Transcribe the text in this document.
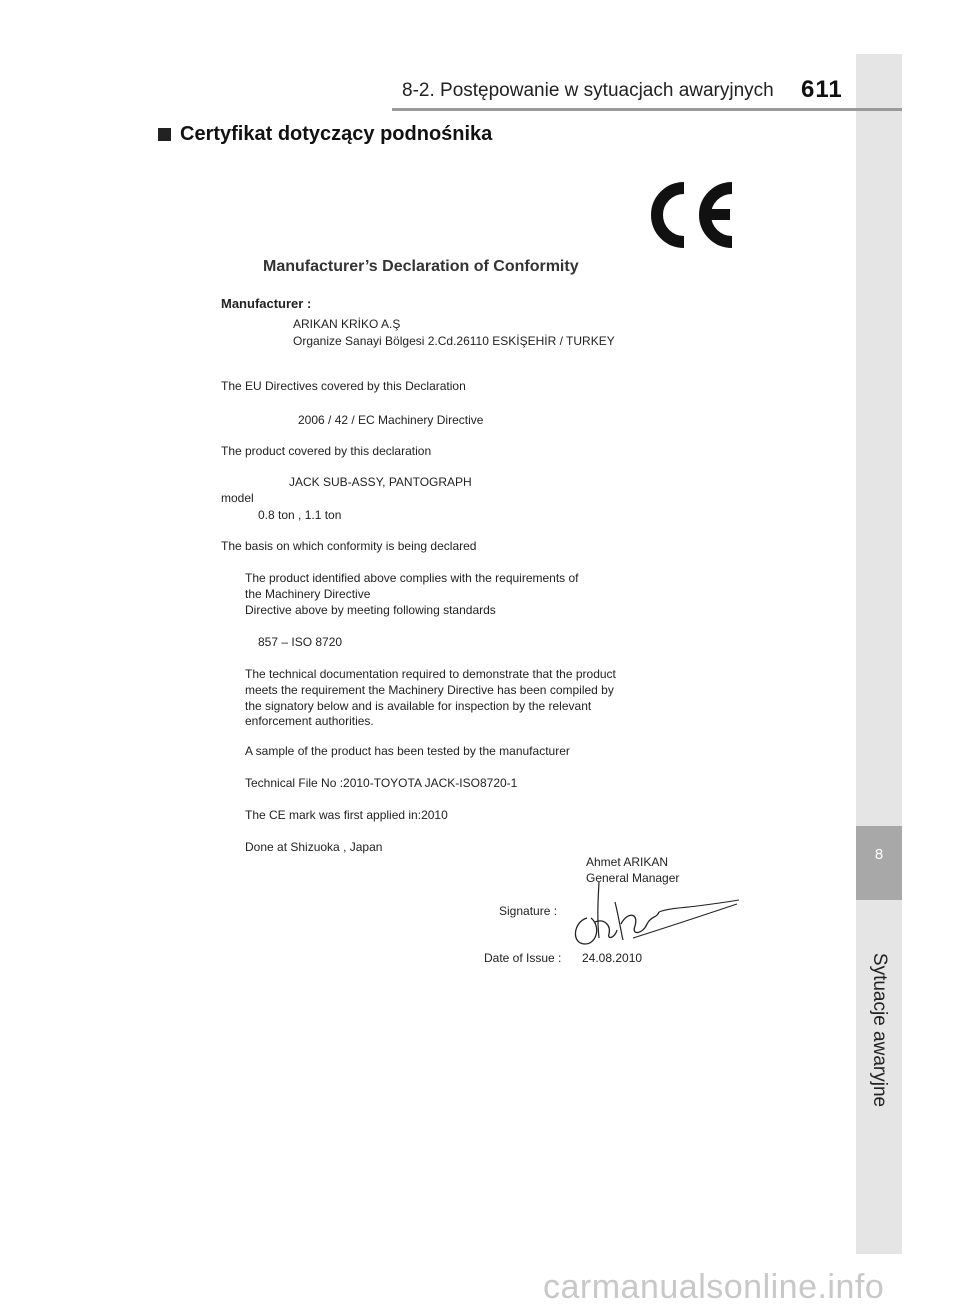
8
Sytuacje awaryjne
8-2. Postępowanie w sytuacjach awaryjnych 611
Certyfikat dotyczący podnośnika
Manufacturer’s Declaration of Conformity
Manufacturer :
ARIKAN KRİKO A.Ş
Organize Sanayi Bölgesi 2.Cd.26110 ESKİŞEHİR / TURKEY
The EU Directives covered by this Declaration
2006 / 42 / EC Machinery Directive
The product covered by this declaration
JACK SUB-ASSY, PANTOGRAPH
model
0.8 ton , 1.1 ton
The basis on which conformity is being declared
The product identified above complies with the requirements of
the Machinery Directive
Directive above by meeting following standards
857 – ISO 8720
The technical documentation required to demonstrate that the product
meets the requirement the Machinery Directive has been compiled by
the signatory below and is available for inspection by the relevant
enforcement authorities.
A sample of the product has been tested by the manufacturer
Technical File No :2010-TOYOTA JACK-ISO8720-1
The CE mark was first applied in:2010
Done at Shizuoka , Japan
Ahmet ARIKAN
General Manager
Signature :
Date of Issue : 24.08.2010
carmanualsonline.info
